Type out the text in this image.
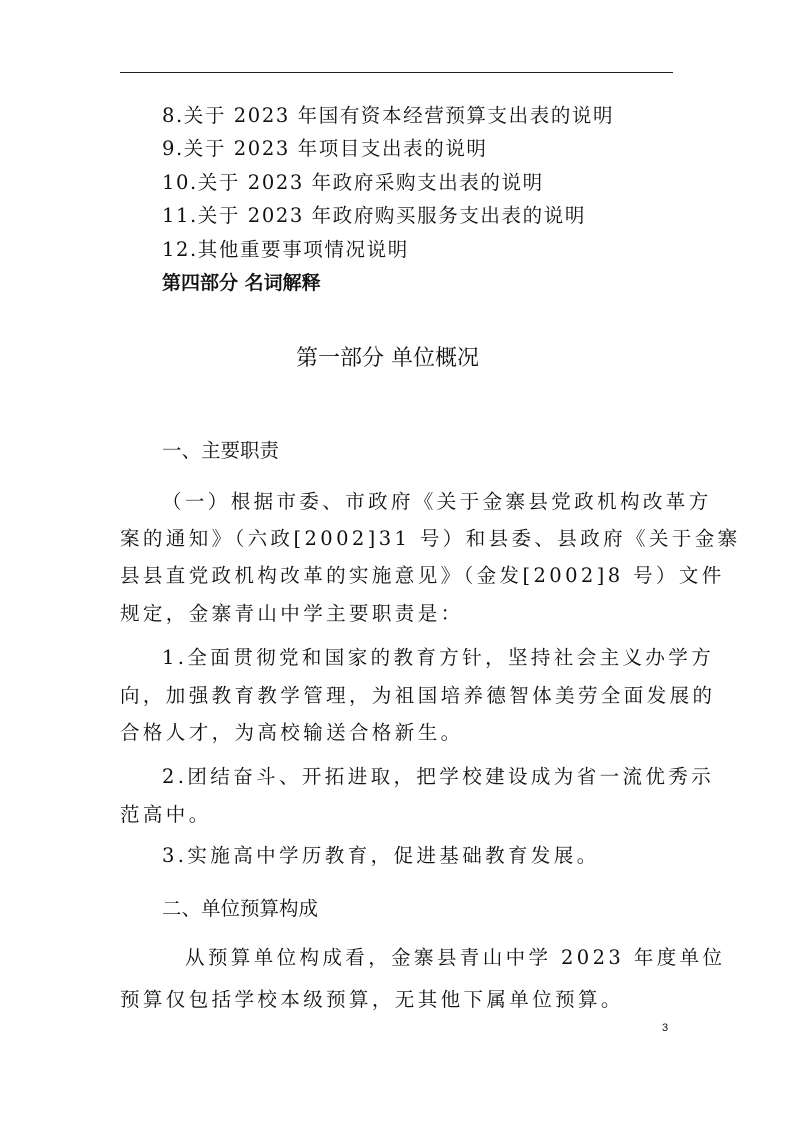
8.关于 2023 年国有资本经营预算支出表的说明
9.关于 2023 年项目支出表的说明
10.关于 2023 年政府采购支出表的说明
11.关于 2023 年政府购买服务支出表的说明
12.其他重要事项情况说明
第四部分 名词解释
第一部分 单位概况
一、主要职责
（一）根据市委、市政府《关于金寨县党政机构改革方
案的通知》（六政[2002]31 号）和县委、县政府《关于金寨
县县直党政机构改革的实施意见》（金发[2002]8 号）文件
规定，金寨青山中学主要职责是：
1.全面贯彻党和国家的教育方针，坚持社会主义办学方
向，加强教育教学管理，为祖国培养德智体美劳全面发展的
合格人才，为高校输送合格新生。
2.团结奋斗、开拓进取，把学校建设成为省一流优秀示
范高中。
3.实施高中学历教育，促进基础教育发展。
二、单位预算构成
从预算单位构成看，金寨县青山中学 2023 年度单位
预算仅包括学校本级预算，无其他下属单位预算。
3
